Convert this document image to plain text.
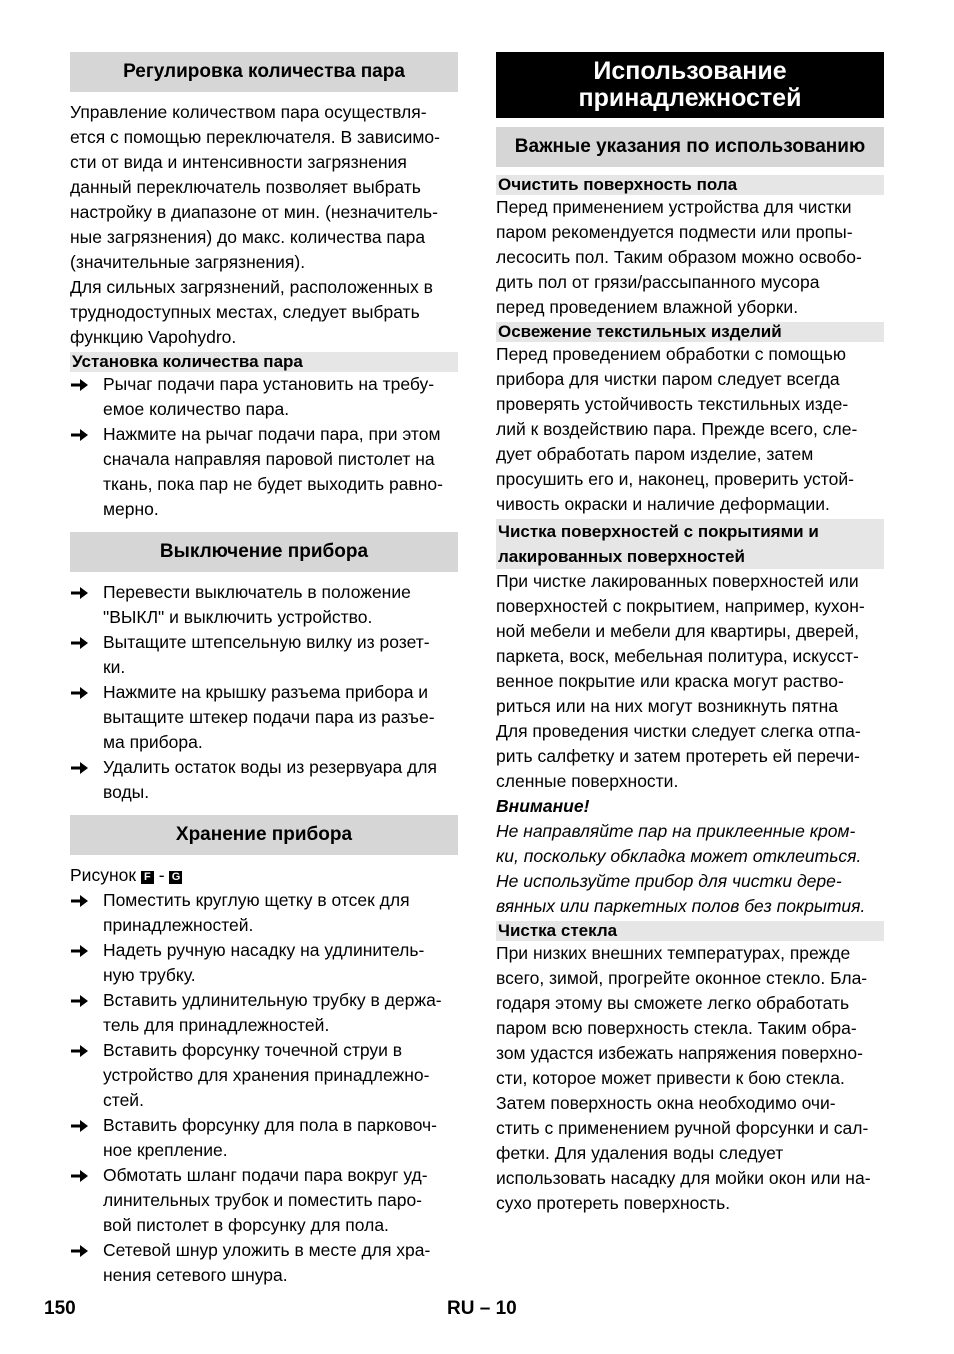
Регулировка количества пара

Управление количеством пара осуществля-

ется с помощью переключателя. В зависимо-

сти от вида и интенсивности загрязнения

данный переключатель позволяет выбрать

настройку в диапазоне от мин. (незначитель-

ные загрязнения) до макс. количества пара

(значительные загрязнения).

Для сильных загрязнений, расположенных в

труднодоступных местах, следует выбрать

функцию Vapohydro.

Установка количества пара
Рычаг подачи пара установить на требу-
емое количество пара.
Нажмите на рычаг подачи пара, при этом
сначала направляя паровой пистолет на
ткань, пока пар не будет выходить равно-
мерно.
Выключение прибора
Перевести выключатель в положение
"ВЫКЛ" и выключить устройство.
Вытащите штепсельную вилку из розет-
ки.
Нажмите на крышку разъема прибора и
вытащите штекер подачи пара из разъе-
ма прибора.
Удалить остаток воды из резервуара для
воды.
Хранение прибора

Рисунок F - G

Поместить круглую щетку в отсек для
принадлежностей.
Надеть ручную насадку на удлинитель-
ную трубку.
Вставить удлинительную трубку в держа-
тель для принадлежностей.
Вставить форсунку точечной струи в
устройство для хранения принадлежно-
стей.
Вставить форсунку для пола в парковоч-
ное крепление.
Обмотать шланг подачи пара вокруг уд-
линительных трубок и поместить паро-
вой пистолет в форсунку для пола.
Сетевой шнур уложить в месте для хра-
нения сетевого шнура.
Использование
принадлежностей
Важные указания по использованию
Очистить поверхность пола

Перед применением устройства для чистки

паром рекомендуется подмести или пропы-

лесосить пол. Таким образом можно освобо-

дить пол от грязи/рассыпанного мусора

перед проведением влажной уборки.

Освежение текстильных изделий

Перед проведением обработки с помощью

прибора для чистки паром следует всегда

проверять устойчивость текстильных изде-

лий к воздействию пара. Прежде всего, сле-

дует обработать паром изделие, затем

просушить его и, наконец, проверить устой-

чивость окраски и наличие деформации.

Чистка поверхностей с покрытиями и
лакированных поверхностей

При чистке лакированных поверхностей или

поверхностей с покрытием, например, кухон-

ной мебели и мебели для квартиры, дверей,

паркета, воск, мебельная политура, искусст-

венное покрытие или краска могут раство-

риться или на них могут возникнуть пятна

Для проведения чистки следует слегка отпа-

рить салфетку и затем протереть ей перечи-

сленные поверхности.

Внимание!

Не направляйте пар на приклеенные кром-

ки, поскольку обкладка может отклеиться.

Не используйте прибор для чистки дере-

вянных или паркетных полов без покрытия.

Чистка стекла

При низких внешних температурах, прежде

всего, зимой, прогрейте оконное стекло. Бла-

годаря этому вы сможете легко обработать

паром всю поверхность стекла. Таким обра-

зом удастся избежать напряжения поверхно-

сти, которое может привести к бою стекла.

Затем поверхность окна необходимо очи-

стить с применением ручной форсунки и сал-

фетки. Для удаления воды следует

использовать насадку для мойки окон или на-

сухо протереть поверхность.

150	RU – 10
